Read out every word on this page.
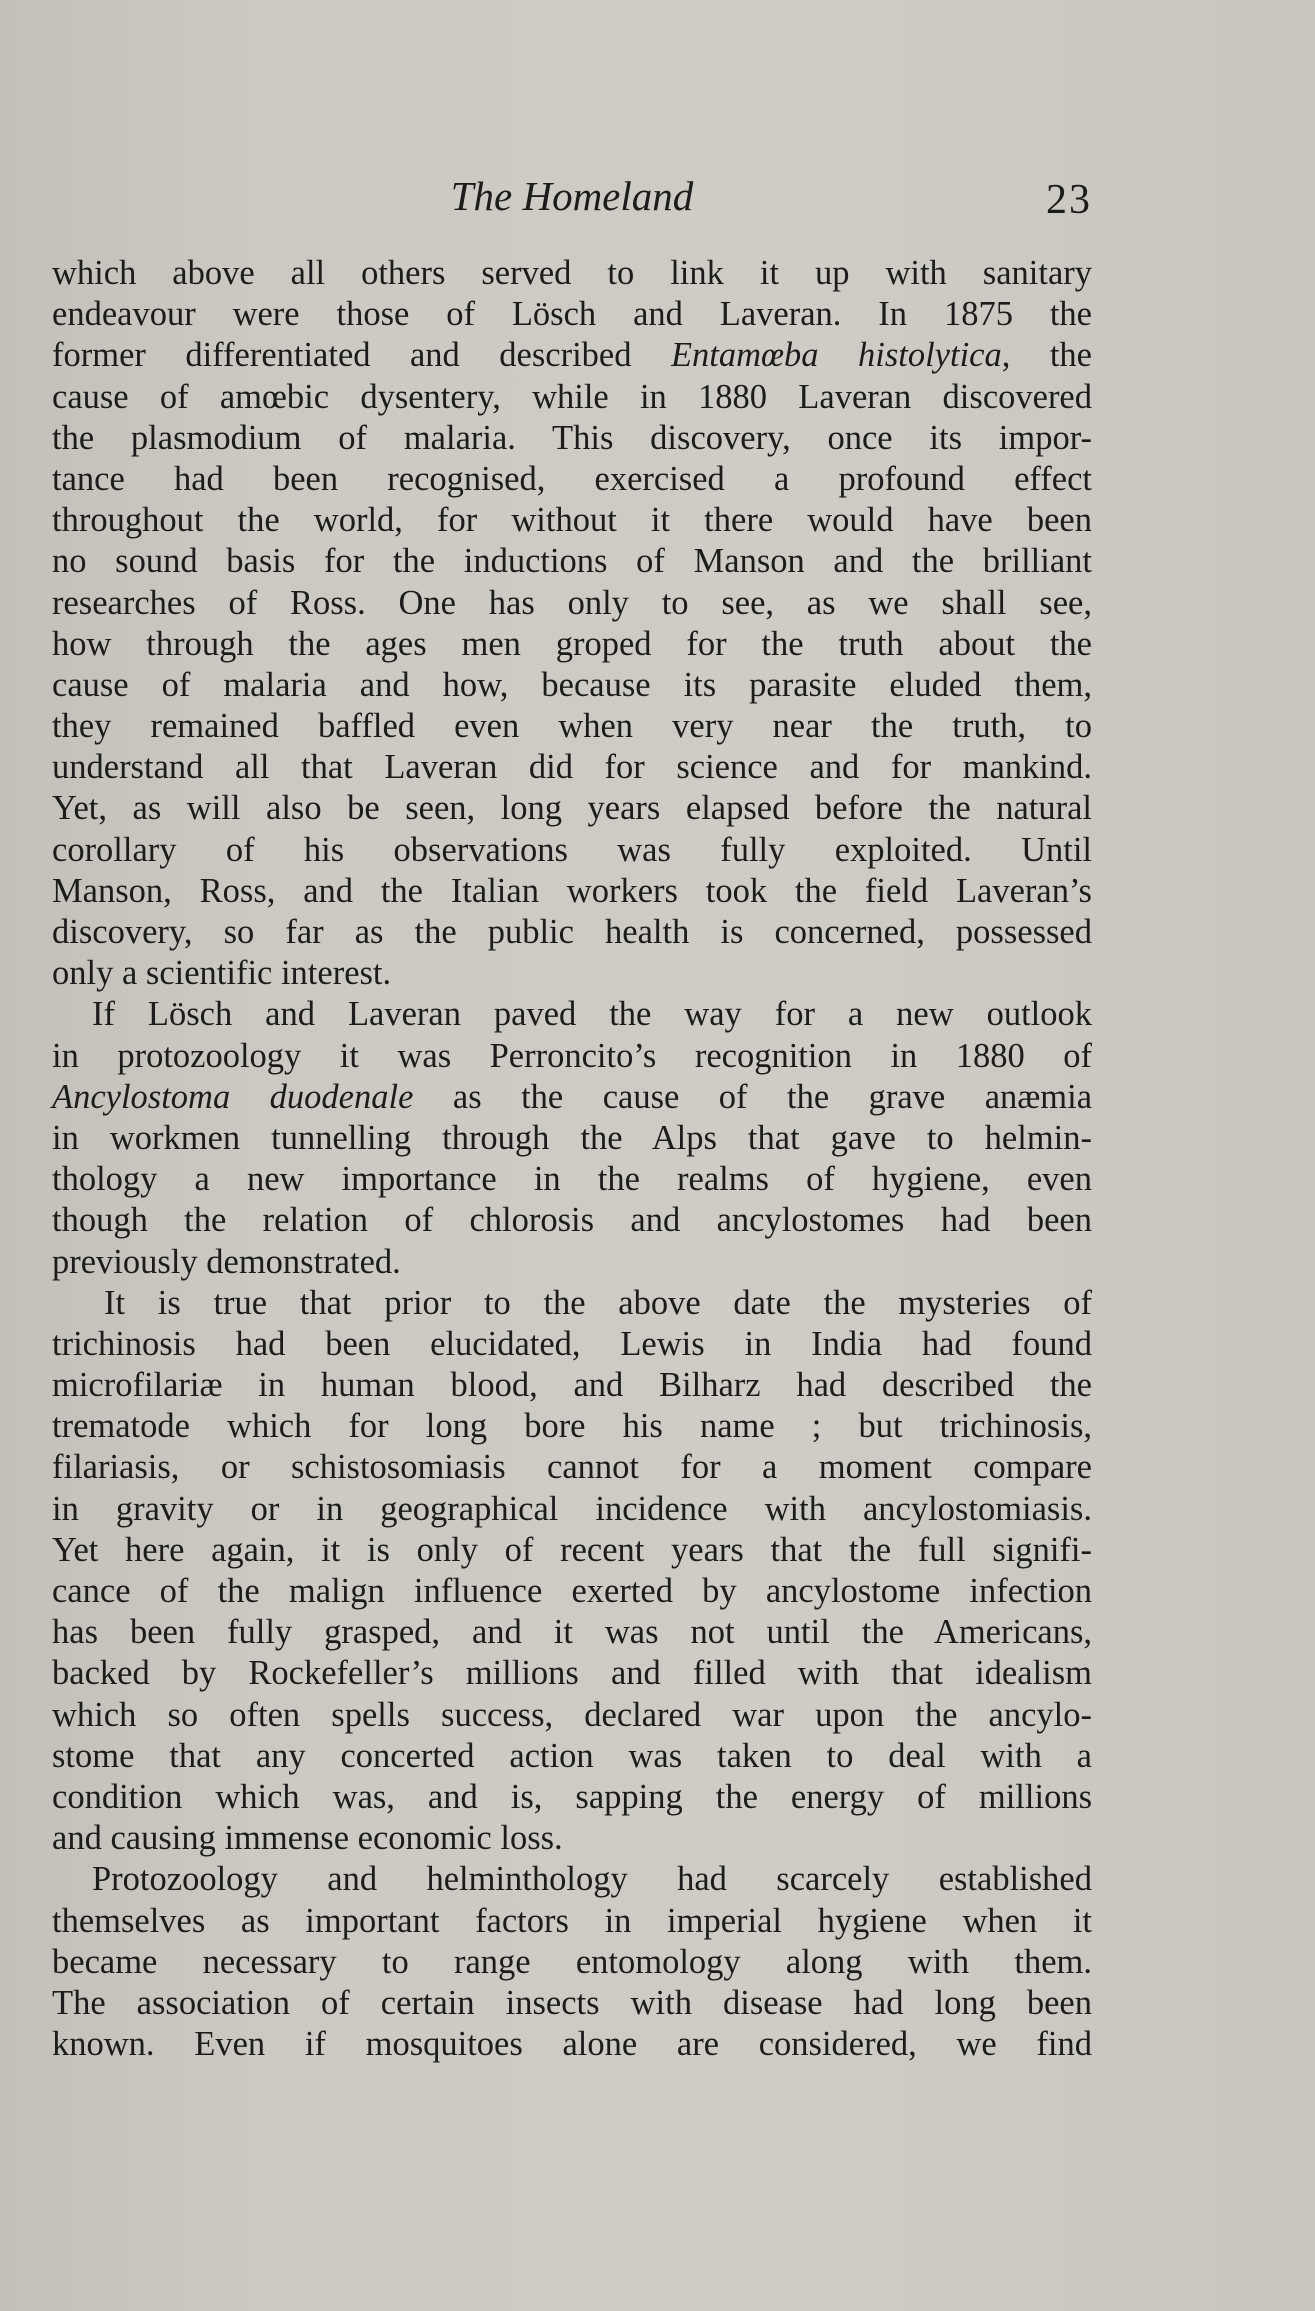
The Homeland	23
which above all others served to link it up with sanitary
endeavour were those of Lösch and Laveran. In 1875 the
former differentiated and described Entamœba histolytica, the
cause of amœbic dysentery, while in 1880 Laveran discovered
the plasmodium of malaria. This discovery, once its impor-
tance had been recognised, exercised a profound effect
throughout the world, for without it there would have been
no sound basis for the inductions of Manson and the brilliant
researches of Ross. One has only to see, as we shall see,
how through the ages men groped for the truth about the
cause of malaria and how, because its parasite eluded them,
they remained baffled even when very near the truth, to
understand all that Laveran did for science and for mankind.
Yet, as will also be seen, long years elapsed before the natural
corollary of his observations was fully exploited. Until
Manson, Ross, and the Italian workers took the field Laveran’s
discovery, so far as the public health is concerned, possessed
only a scientific interest.
If Lösch and Laveran paved the way for a new outlook
in protozoology it was Perroncito’s recognition in 1880 of
Ancylostoma duodenale as the cause of the grave anæmia
in workmen tunnelling through the Alps that gave to helmin-
thology a new importance in the realms of hygiene, even
though the relation of chlorosis and ancylostomes had been
previously demonstrated.
It is true that prior to the above date the mysteries of
trichinosis had been elucidated, Lewis in India had found
microfilariæ in human blood, and Bilharz had described the
trematode which for long bore his name ; but trichinosis,
filariasis, or schistosomiasis cannot for a moment compare
in gravity or in geographical incidence with ancylostomiasis.
Yet here again, it is only of recent years that the full signifi-
cance of the malign influence exerted by ancylostome infection
has been fully grasped, and it was not until the Americans,
backed by Rockefeller’s millions and filled with that idealism
which so often spells success, declared war upon the ancylo-
stome that any concerted action was taken to deal with a
condition which was, and is, sapping the energy of millions
and causing immense economic loss.
Protozoology and helminthology had scarcely established
themselves as important factors in imperial hygiene when it
became necessary to range entomology along with them.
The association of certain insects with disease had long been
known. Even if mosquitoes alone are considered, we find
